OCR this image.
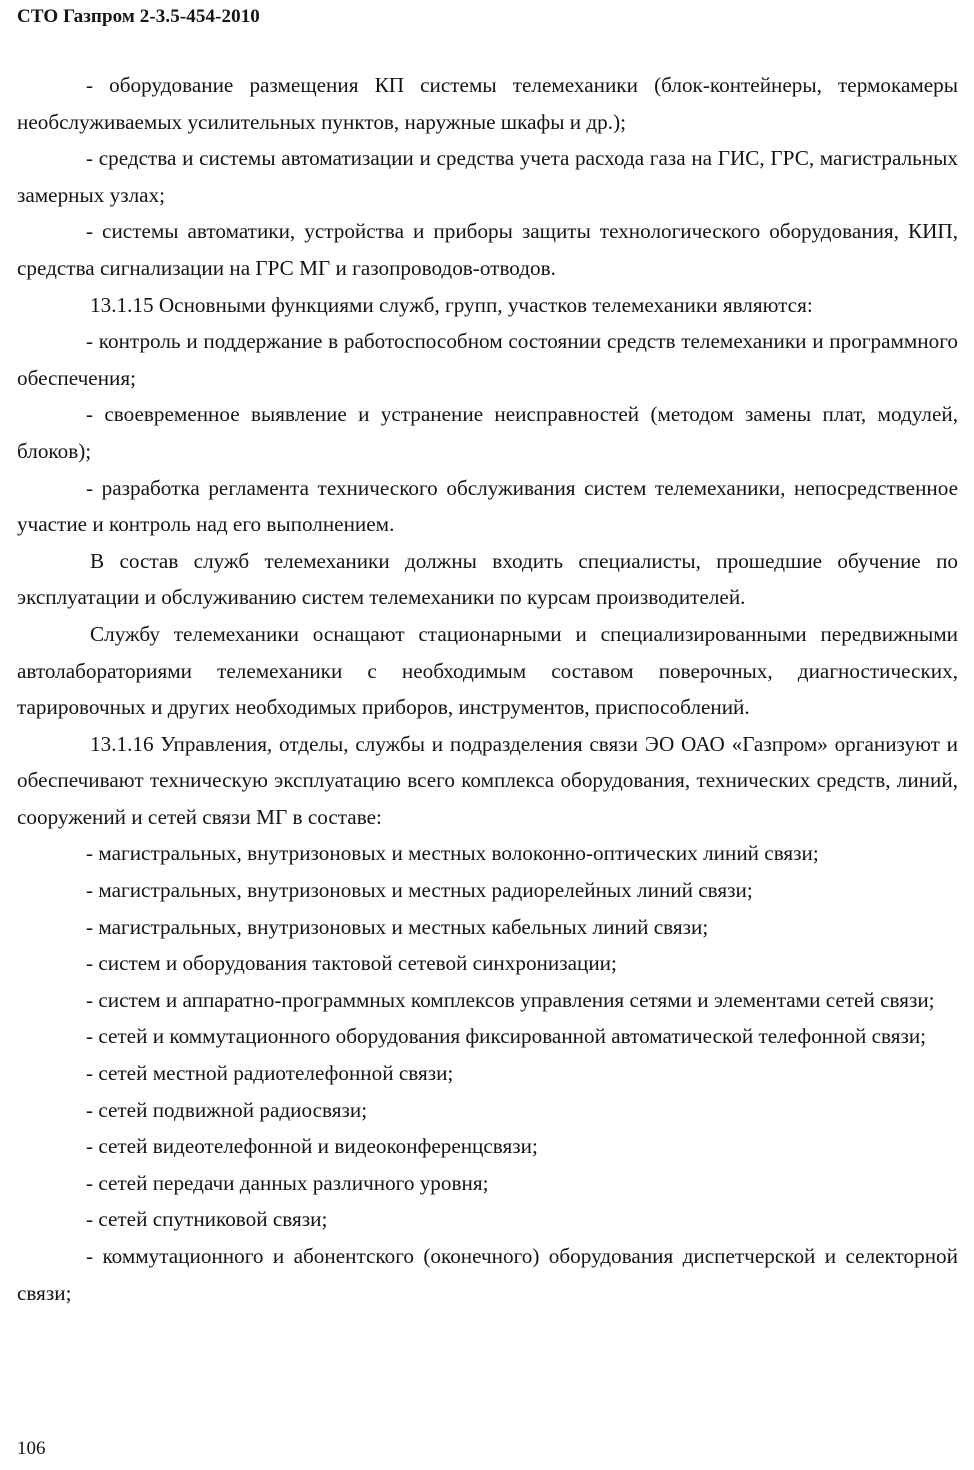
СТО Газпром 2-3.5-454-2010

- оборудование размещения КП системы телемеханики (блок-контейнеры, термокамеры необслуживаемых усилительных пунктов, наружные шкафы и др.);

- средства и системы автоматизации и средства учета расхода газа на ГИС, ГРС, магистральных замерных узлах;

- системы автоматики, устройства и приборы защиты технологического оборудования, КИП, средства сигнализации на ГРС МГ и газопроводов-отводов.

13.1.15 Основными функциями служб, групп, участков телемеханики являются:

- контроль и поддержание в работоспособном состоянии средств телемеханики и программного обеспечения;

- своевременное выявление и устранение неисправностей (методом замены плат, модулей, блоков);

- разработка регламента технического обслуживания систем телемеханики, непосредственное участие и контроль над его выполнением.

В состав служб телемеханики должны входить специалисты, прошедшие обучение по эксплуатации и обслуживанию систем телемеханики по курсам производителей.

Службу телемеханики оснащают стационарными и специализированными передвижными автолабораториями телемеханики с необходимым составом поверочных, диагностических, тарировочных и других необходимых приборов, инструментов, приспособлений.

13.1.16 Управления, отделы, службы и подразделения связи ЭО ОАО «Газпром» организуют и обеспечивают техническую эксплуатацию всего комплекса оборудования, технических средств, линий, сооружений и сетей связи МГ в составе:

- магистральных, внутризоновых и местных волоконно-оптических линий связи;

- магистральных, внутризоновых и местных радиорелейных линий связи;

- магистральных, внутризоновых и местных кабельных линий связи;

- систем и оборудования тактовой сетевой синхронизации;

- систем и аппаратно-программных комплексов управления сетями и элементами сетей связи;

- сетей и коммутационного оборудования фиксированной автоматической телефонной связи;

- сетей местной радиотелефонной связи;

- сетей подвижной радиосвязи;

- сетей видеотелефонной и видеоконференцсвязи;

- сетей передачи данных различного уровня;

- сетей спутниковой связи;

- коммутационного и абонентского (оконечного) оборудования диспетчерской и селекторной связи;

106
